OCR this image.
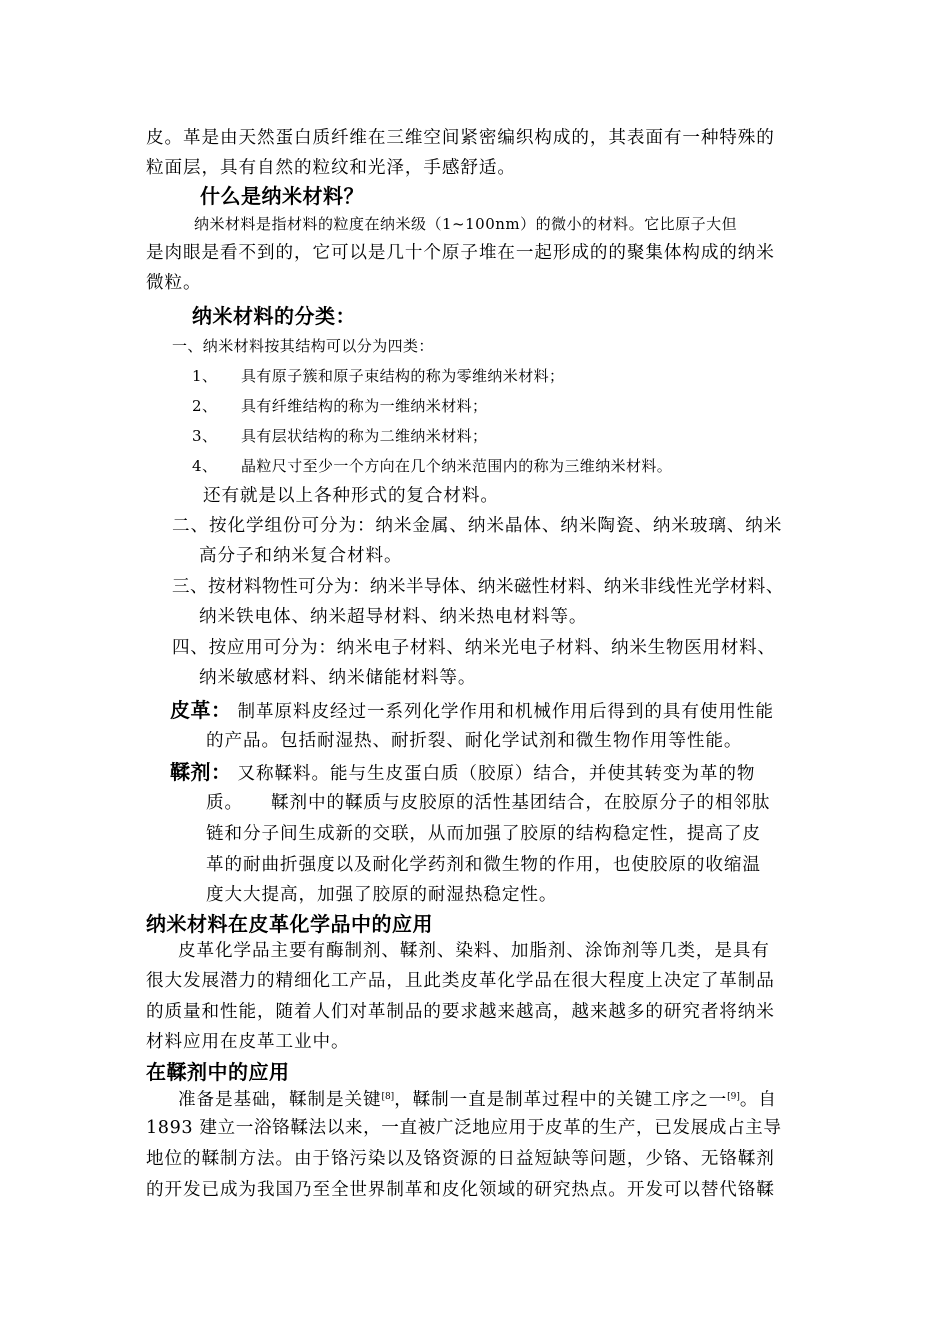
皮。革是由天然蛋白质纤维在三维空间紧密编织构成的，其表面有一种特殊的
粒面层，具有自然的粒纹和光泽，手感舒适。
什么是纳米材料？
纳米材料是指材料的粒度在纳米级（1~100nm）的微小的材料。它比原子大但
是肉眼是看不到的，它可以是几十个原子堆在一起形成的的聚集体构成的纳米
微粒。
纳米材料的分类：
一、纳米材料按其结构可以分为四类：
1、 具有原子簇和原子束结构的称为零维纳米材料；
2、 具有纤维结构的称为一维纳米材料；
3、 具有层状结构的称为二维纳米材料；
4、 晶粒尺寸至少一个方向在几个纳米范围内的称为三维纳米材料。
还有就是以上各种形式的复合材料。
二、按化学组份可分为：纳米金属、纳米晶体、纳米陶瓷、纳米玻璃、纳米
高分子和纳米复合材料。
三、按材料物性可分为：纳米半导体、纳米磁性材料、纳米非线性光学材料、
纳米铁电体、纳米超导材料、纳米热电材料等。
四、按应用可分为：纳米电子材料、纳米光电子材料、纳米生物医用材料、
纳米敏感材料、纳米储能材料等。
皮革： 制革原料皮经过一系列化学作用和机械作用后得到的具有使用性能
的产品。包括耐湿热、耐折裂、耐化学试剂和微生物作用等性能。
鞣剂： 又称鞣料。能与生皮蛋白质（胶原）结合，并使其转变为革的物
质。 鞣剂中的鞣质与皮胶原的活性基团结合，在胶原分子的相邻肽
链和分子间生成新的交联，从而加强了胶原的结构稳定性，提高了皮
革的耐曲折强度以及耐化学药剂和微生物的作用，也使胶原的收缩温
度大大提高，加强了胶原的耐湿热稳定性。
纳米材料在皮革化学品中的应用
皮革化学品主要有酶制剂、鞣剂、染料、加脂剂、涂饰剂等几类，是具有
很大发展潜力的精细化工产品，且此类皮革化学品在很大程度上决定了革制品
的质量和性能，随着人们对革制品的要求越来越高，越来越多的研究者将纳米
材料应用在皮革工业中。
在鞣剂中的应用
准备是基础，鞣制是关键[8]，鞣制一直是制革过程中的关键工序之一[9]。自
1893 建立一浴铬鞣法以来，一直被广泛地应用于皮革的生产，已发展成占主导
地位的鞣制方法。由于铬污染以及铬资源的日益短缺等问题，少铬、无铬鞣剂
的开发已成为我国乃至全世界制革和皮化领域的研究热点。开发可以替代铬鞣
